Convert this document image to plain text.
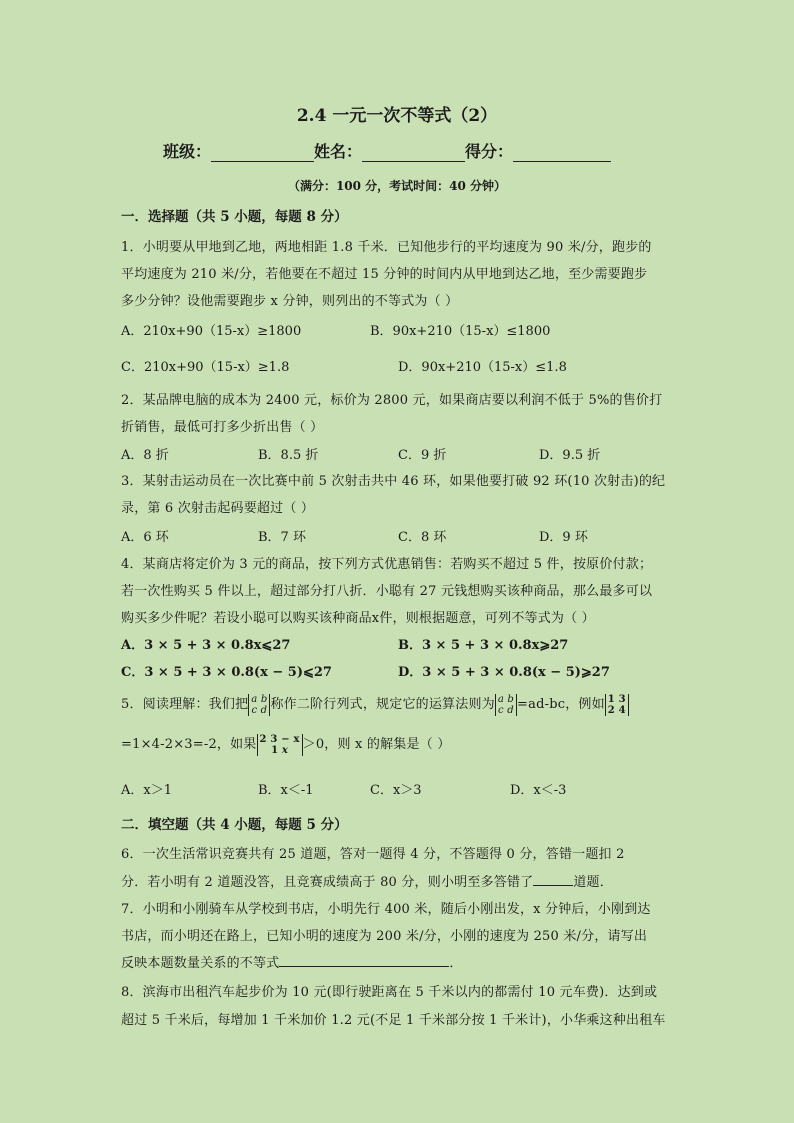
2.4 一元一次不等式（2）
班级：	姓名：	得分：
（满分：100 分，考试时间：40 分钟）
一．选择题（共 5 小题，每题 8 分）
1．小明要从甲地到乙地，两地相距 1.8 千米．已知他步行的平均速度为 90 米/分，跑步的
平均速度为 210 米/分，若他要在不超过 15 分钟的时间内从甲地到达乙地，至少需要跑步
多少分钟？设他需要跑步 x 分钟，则列出的不等式为（ ）
A．210x+90（15-x）≥1800	B．90x+210（15-x）≤1800
C．210x+90（15-x）≥1.8	D．90x+210（15-x）≤1.8
2．某品牌电脑的成本为 2400 元，标价为 2800 元，如果商店要以利润不低于 5%的售价打
折销售，最低可打多少折出售（ ）
A．8 折	B．8.5 折	C．9 折	D．9.5 折
3．某射击运动员在一次比赛中前 5 次射击共中 46 环，如果他要打破 92 环(10 次射击)的纪
录，第 6 次射击起码要超过（ ）
A．6 环	B．7 环	C．8 环	D．9 环
4．某商店将定价为 3 元的商品，按下列方式优惠销售：若购买不超过 5 件，按原价付款；
若一次性购买 5 件以上，超过部分打八折．小聪有 27 元钱想购买该种商品，那么最多可以
购买多少件呢？若设小聪可以购买该种商品x件，则根据题意，可列不等式为（ ）
A．3 × 5 + 3 × 0.8x⩽27	B．3 × 5 + 3 × 0.8x⩾27
C．3 × 5 + 3 × 0.8(x − 5)⩽27	D．3 × 5 + 3 × 0.8(x − 5)⩾27
5．阅读理解：我们把 a b
c d 称作二阶行列式，规定它的运算法则为 a b
c d =ad-bc，例如 1 3
2 4
=1×4-2×3=-2，如果 2 3 − x
1 x	＞0，则 x 的解集是（ ）
A．x＞1	B．x＜-1	C．x＞3	D．x＜-3
二．填空题（共 4 小题，每题 5 分）
6．一次生活常识竞赛共有 25 道题，答对一题得 4 分，不答题得 0 分，答错一题扣 2
分．若小明有 2 道题没答，且竞赛成绩高于 80 分，则小明至多答错了	道题．
7．小明和小刚骑车从学校到书店，小明先行 400 米，随后小刚出发，x 分钟后，小刚到达
书店，而小明还在路上，已知小明的速度为 200 米/分，小刚的速度为 250 米/分，请写出
反映本题数量关系的不等式	．
8．滨海市出租汽车起步价为 10 元(即行驶距离在 5 千米以内的都需付 10 元车费)．达到或
超过 5 千米后，每增加 1 千米加价 1.2 元(不足 1 千米部分按 1 千米计)，小华乘这种出租车
